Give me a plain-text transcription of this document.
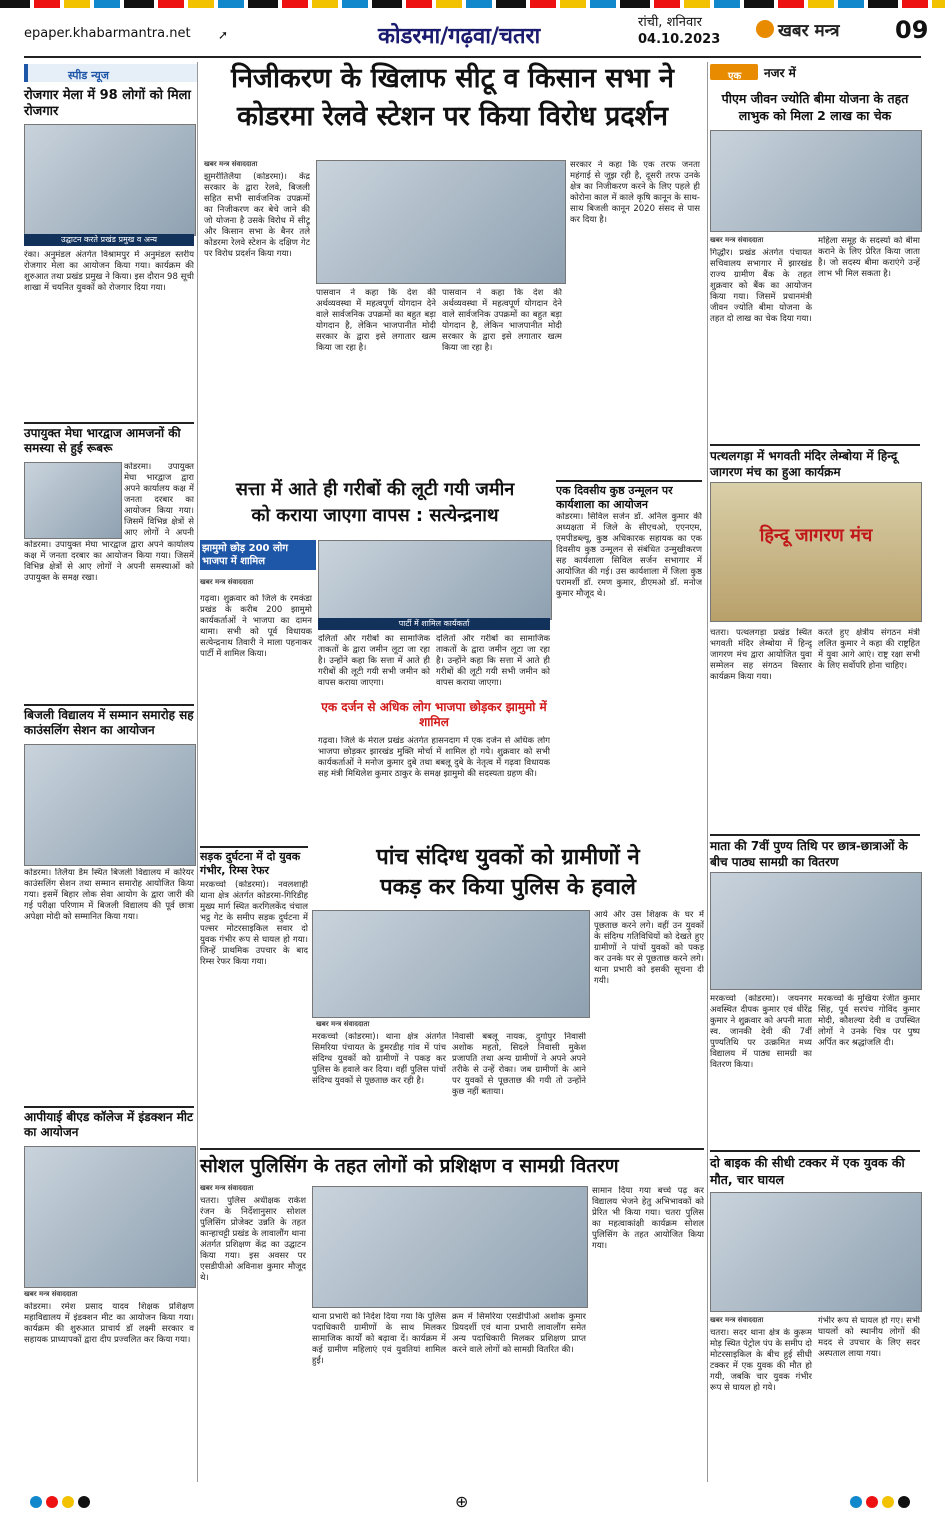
epaper.khabarmantra.net ➚	कोडरमा/गढ़वा/चतरा
रांची, शनिवार
04.10.2023	खबर मन्त्र 09
स्पीड न्यूज
रोजगार मेला में 98 लोगों को मिला रोजगार
उद्घाटन करते प्रखंड प्रमुख व अन्य
रंका। अनुमंडल अंतर्गत विश्रामपुर में अनुमंडल स्तरीय रोजगार मेला का आयोजन किया गया। कार्यक्रम की शुरुआत तथा प्रखंड प्रमुख ने किया। इस दौरान 98 सूची शाखा में चयनित युवकों को रोजगार दिया गया।
उपायुक्त मेघा भारद्वाज आमजनों की समस्या से हुई रूबरू
कोडरमा। उपायुक्त मेघा भारद्वाज द्वारा अपने कार्यालय कक्ष में जनता दरबार का आयोजन किया गया। जिसमें विभिन्न क्षेत्रों से आए लोगों ने अपनी
कोडरमा। उपायुक्त मेघा भारद्वाज द्वारा अपने कार्यालय कक्ष में जनता दरबार का आयोजन किया गया। जिसमें विभिन्न क्षेत्रों से आए लोगों ने अपनी समस्याओं को उपायुक्त के समक्ष रखा।
बिजली विद्यालय में सम्मान समारोह सह काउंसलिंग सेशन का आयोजन
कोडरमा। तिलैया डैम स्थित बिजली विद्यालय में करियर काउंसलिंग सेशन तथा सम्मान समारोह आयोजित किया गया। इसमें बिहार लोक सेवा आयोग के द्वारा जारी की गई परीक्षा परिणाम में बिजली विद्यालय की पूर्व छात्रा अपेक्षा मोदी को सम्मानित किया गया।
आपीयाई बीएड कॉलेज में इंडक्शन मीट का आयोजन
खबर मन्त्र संवाददाता
कोडरमा। रमेश प्रसाद यादव शिक्षक प्रशिक्षण महाविद्यालय में इंडक्शन मीट का आयोजन किया गया। कार्यक्रम की शुरुआत प्राचार्य डॉ लक्ष्मी सरकार व सहायक प्राध्यापकों द्वारा दीप प्रज्वलित कर किया गया।
निजीकरण के खिलाफ सीटू व किसान सभा ने
कोडरमा रेलवे स्टेशन पर किया विरोध प्रदर्शन
खबर मन्त्र संवाददाता
झुमरीतिलैया (कोडरमा)। केंद्र सरकार के द्वारा रेलवे, बिजली सहित सभी सार्वजनिक उपक्रमों का निजीकरण कर बेचे जाने की जो योजना है उसके विरोध में सीटू और किसान सभा के बैनर तले कोडरमा रेलवे स्टेशन के दक्षिण गेट पर विरोध प्रदर्शन किया गया।
पासवान ने कहा कि देश की अर्थव्यवस्था में महत्वपूर्ण योगदान देने वाले सार्वजनिक उपक्रमों का बहुत बड़ा योगदान है, लेकिन भाजपानीत मोदी सरकार के द्वारा इसे लगातार खत्म किया जा रहा है।
पासवान ने कहा कि देश की अर्थव्यवस्था में महत्वपूर्ण योगदान देने वाले सार्वजनिक उपक्रमों का बहुत बड़ा योगदान है, लेकिन भाजपानीत मोदी सरकार के द्वारा इसे लगातार खत्म किया जा रहा है।
सरकार ने कहा कि एक तरफ जनता महंगाई से जूझ रही है, दूसरी तरफ उनके क्षेत्र का निजीकरण करने के लिए पहले ही कोरोना काल में काले कृषि कानून के साथ-साथ बिजली कानून 2020 संसद से पास कर दिया है।
सत्ता में आते ही गरीबों की लूटी गयी जमीन
को कराया जाएगा वापस : सत्येन्द्रनाथ
झामुमो छोड़ 200 लोग भाजपा में शामिल
खबर मन्त्र संवाददाता
गढ़वा। शुक्रवार को जिले के रमकंडा प्रखंड के करीब 200 झामुमो कार्यकर्ताओं ने भाजपा का दामन थामा। सभी को पूर्व विधायक सत्येन्द्रनाथ तिवारी ने माला पहनाकर पार्टी में शामिल किया।
पार्टी में शामिल कार्यकर्ता
दलितों और गरीबों का सामाजिक ताकतों के द्वारा जमीन लूटा जा रहा है। उन्होंने कहा कि सत्ता में आते ही गरीबों की लूटी गयी सभी जमीन को वापस कराया जाएगा।
दलितों और गरीबों का सामाजिक ताकतों के द्वारा जमीन लूटा जा रहा है। उन्होंने कहा कि सत्ता में आते ही गरीबों की लूटी गयी सभी जमीन को वापस कराया जाएगा।
एक दर्जन से अधिक लोग भाजपा छोड़कर झामुमो में शामिल
गढ़वा। जिले के मेराल प्रखंड अंतर्गत हासनदाग में एक दर्जन से अधिक लोग भाजपा छोड़कर झारखंड मुक्ति मोर्चा में शामिल हो गये। शुक्रवार को सभी कार्यकर्ताओं ने मनोज कुमार दुबे तथा बबलू दुबे के नेतृत्व में गढ़वा विधायक सह मंत्री मिथिलेश कुमार ठाकुर के समक्ष झामुमो की सदस्यता ग्रहण की।
एक दिवसीय कुष्ठ उन्मूलन पर कार्यशाला का आयोजन
कोडरमा। सिविल सर्जन डॉ. अनिल कुमार की अध्यक्षता में जिले के सीएचओ, एएनएम, एमपीडब्ल्यू, कुष्ठ अधिकारक सहायक का एक दिवसीय कुष्ठ उन्मूलन से संबंधित उन्मुखीकरण सह कार्यशाला सिविल सर्जन सभागार में आयोजित की गई। उस कार्यशाला में जिला कुष्ठ परामर्शी डॉ. रमण कुमार, डीएमओ डॉ. मनोज कुमार मौजूद थे।
सड़क दुर्घटना में दो युवक गंभीर, रिम्स रेफर
मरकच्चो (कोडरमा)। नवलशाही थाना क्षेत्र अंतर्गत कोडरमा-गिरिडीह मुख्य मार्ग स्थित करगिलकेंद चंचाल भट्ठ गेट के समीप सड़क दुर्घटना में पल्सर मोटरसाइकिल सवार दो युवक गंभीर रूप से घायल हो गया। जिन्हें प्राथमिक उपचार के बाद रिम्स रेफर किया गया।
पांच संदिग्ध युवकों को ग्रामीणों ने
पकड़ कर किया पुलिस के हवाले
खबर मन्त्र संवाददाता
मरकच्चो (कोडरमा)। थाना क्षेत्र अंतर्गत सिमरिया पंचायत के डुमरडीह गांव में पांच संदिग्ध युवकों को ग्रामीणों ने पकड़ कर पुलिस के हवाले कर दिया। वहीं पुलिस पांचों संदिग्ध युवकों से पूछताछ कर रही है।
निवासी बबलू नायक, दुर्गापुर निवासी अशोक महतो, सिदले निवासी मुकेश प्रजापति तथा अन्य ग्रामीणों ने अपने अपने तरीके से उन्हें रोका। जब ग्रामीणों के आने पर युवकों से पूछताछ की गयी तो उन्होंने कुछ नहीं बताया।
आये और उस शिक्षक के घर में पूछताछ करने लगे। वहीं उन युवकों के संदिग्ध गतिविधियों को देखते हुए ग्रामीणों ने पांचों युवकों को पकड़ कर उनके घर से पूछताछ करने लगे। थाना प्रभारी को इसकी सूचना दी गयी।
सोशल पुलिसिंग के तहत लोगों को प्रशिक्षण व सामग्री वितरण
खबर मन्त्र संवाददाता
चतरा। पुलिस अधीक्षक राकेश रंजन के निर्देशानुसार सोशल पुलिसिंग प्रोजेक्ट उन्नति के तहत कान्हाचट्टी प्रखंड के लावालौंग थाना अंतर्गत प्रशिक्षण केंद्र का उद्घाटन किया गया। इस अवसर पर एसडीपीओ अविनाश कुमार मौजूद थे।
थाना प्रभारी को निर्देश दिया गया कि पुलिस पदाधिकारी ग्रामीणों के साथ मिलकर सामाजिक कार्यों को बढ़ावा दें। कार्यक्रम में कई ग्रामीण महिलाएं एवं युवतियां शामिल हुईं।
क्रम में सिमरिया एसडीपीओ अशोक कुमार प्रियदर्शी एवं थाना प्रभारी लावालौंग समेत अन्य पदाधिकारी मिलकर प्रशिक्षण प्राप्त करने वाले लोगों को सामग्री वितरित की।
सामान दिया गया बच्चे पढ़ कर विद्यालय भेजने हेतु अभिभावकों को प्रेरित भी किया गया। चतरा पुलिस का महत्वाकांक्षी कार्यक्रम सोशल पुलिसिंग के तहत आयोजित किया गया।
एक	नजर में
पीएम जीवन ज्योति बीमा योजना के तहत लाभुक को मिला 2 लाख का चेक
खबर मन्त्र संवाददाता
गिद्धौर। प्रखंड अंतर्गत पंचायत सचिवालय सभागार में झारखंड राज्य ग्रामीण बैंक के तहत शुक्रवार को बैंक का आयोजन किया गया। जिसमें प्रधानमंत्री जीवन ज्योति बीमा योजना के तहत दो लाख का चेक दिया गया।
महिला समूह के सदस्यों को बीमा कराने के लिए प्रेरित किया जाता है। जो सदस्य बीमा कराएंगे उन्हें लाभ भी मिल सकता है।
पत्थलगड़ा में भगवती मंदिर लेम्बोया में हिन्दू जागरण मंच का हुआ कार्यक्रम
हिन्दू जागरण मंच
चतरा। पत्थलगड़ा प्रखंड स्थित भगवती मंदिर लेम्बोया में हिन्दू जागरण मंच द्वारा आयोजित युवा सम्मेलन सह संगठन विस्तार कार्यक्रम किया गया।
करते हुए क्षेत्रीय संगठन मंत्री ललित कुमार ने कहा की राष्ट्रहित में युवा आगे आएं। राष्ट्र रक्षा सभी के लिए सर्वोपरि होना चाहिए।
माता की 7वीं पुण्य तिथि पर छात्र-छात्राओं के बीच पाठ्य सामग्री का वितरण
मरकच्चो (कोडरमा)। जयनगर अवस्थित दीपक कुमार एवं धीरेंद्र कुमार ने शुक्रवार को अपनी माता स्व. जानकी देवी की 7वीं पुण्यतिथि पर उत्क्रमित मध्य विद्यालय में पाठ्य सामग्री का वितरण किया।
मरकच्चो के मुखिया रंजीत कुमार सिंह, पूर्व सरपंच गोविंद कुमार मोदी, कौशल्या देवी व उपस्थित लोगों ने उनके चित्र पर पुष्प अर्पित कर श्रद्धांजलि दी।
दो बाइक की सीधी टक्कर में एक युवक की मौत, चार घायल
खबर मन्त्र संवाददाता
चतरा। सदर थाना क्षेत्र के कुरूम मोड़ स्थित पेट्रोल पंप के समीप दो मोटरसाइकिल के बीच हुई सीधी टक्कर में एक युवक की मौत हो गयी, जबकि चार युवक गंभीर रूप से घायल हो गये।
गंभीर रूप से घायल हो गए। सभी घायलों को स्थानीय लोगों की मदद से उपचार के लिए सदर अस्पताल लाया गया।
⊕
